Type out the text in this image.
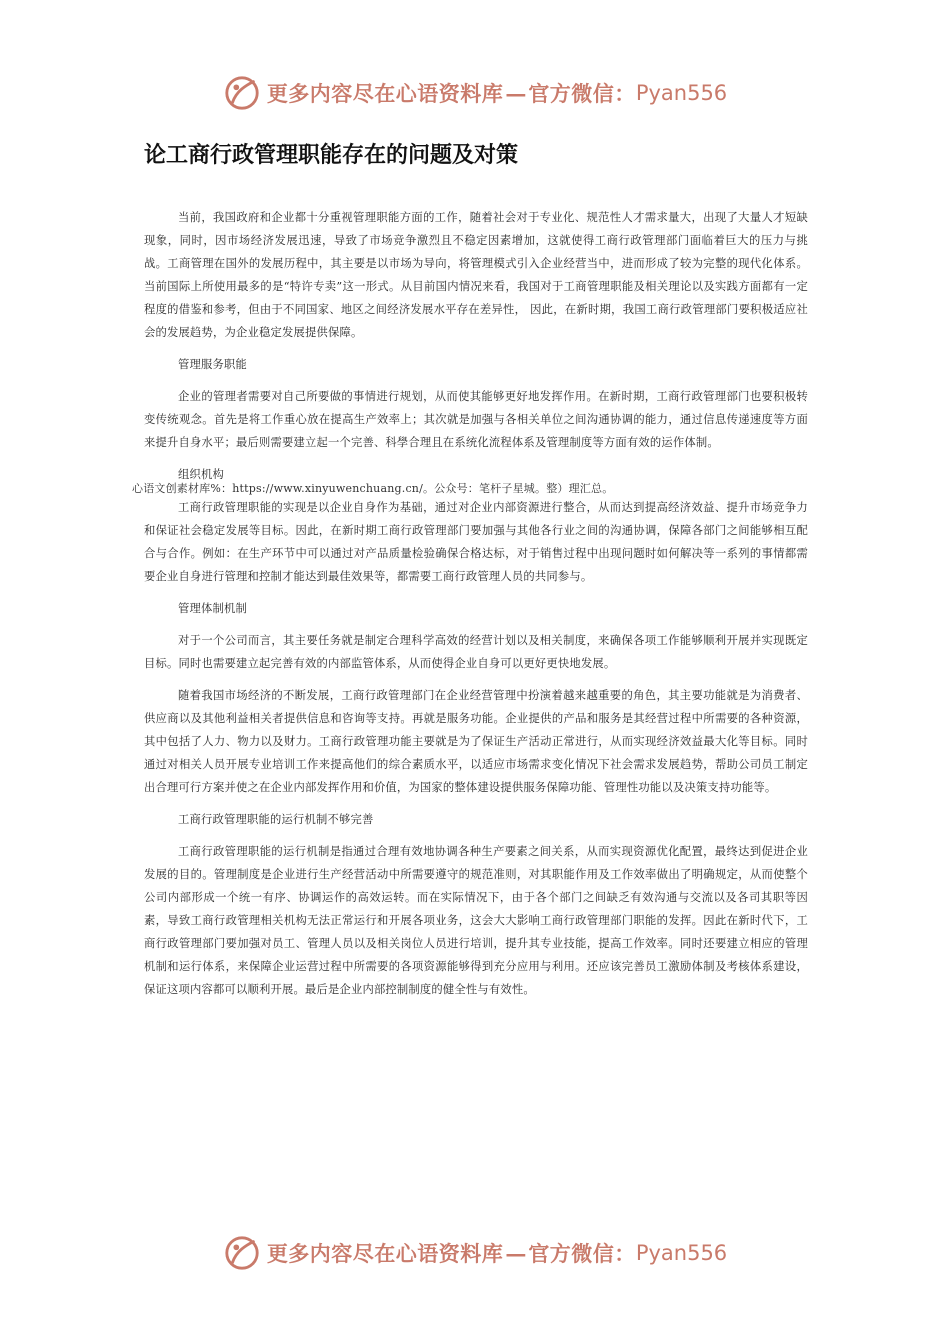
更多内容尽在心语资料库 — 官方微信： Pyan556
论工商行政管理职能存在的问题及对策

当前，我国政府和企业都十分重视管理职能方面的工作，随着社会对于专业化、规范性人才需求量大，出现了大量人才短缺现象，同时，因市场经济发展迅速，导致了市场竞争激烈且不稳定因素增加，这就使得工商行政管理部门面临着巨大的压力与挑战。工商管理在国外的发展历程中，其主要是以市场为导向，将管理模式引入企业经营当中，进而形成了较为完整的现代化体系。当前国际上所使用最多的是“特许专卖”这一形式。从目前国内情况来看，我国对于工商管理职能及相关理论以及实践方面都有一定程度的借鉴和参考，但由于不同国家、地区之间经济发展水平存在差异性， 因此，在新时期，我国工商行政管理部门要积极适应社会的发展趋势，为企业稳定发展提供保障。

管理服务职能

企业的管理者需要对自己所要做的事情进行规划，从而使其能够更好地发挥作用。在新时期，工商行政管理部门也要积极转变传统观念。首先是将工作重心放在提高生产效率上；其次就是加强与各相关单位之间沟通协调的能力，通过信息传递速度等方面来提升自身水平；最后则需要建立起一个完善、科學合理且在系统化流程体系及管理制度等方面有效的运作体制。

组织机构

心语文创素材库%：https://www.xinyuwenchuang.cn/。公众号：笔杆子星城。整）理汇总。

工商行政管理职能的实现是以企业自身作为基础，通过对企业内部资源进行整合，从而达到提高经济效益、提升市场竞争力和保证社会稳定发展等目标。因此，在新时期工商行政管理部门要加强与其他各行业之间的沟通协调，保障各部门之间能够相互配合与合作。例如：在生产环节中可以通过对产品质量检验确保合格达标，对于销售过程中出现问题时如何解决等一系列的事情都需要企业自身进行管理和控制才能达到最佳效果等，都需要工商行政管理人员的共同参与。

管理体制机制

对于一个公司而言，其主要任务就是制定合理科学高效的经营计划以及相关制度，来确保各项工作能够顺利开展并实现既定目标。同时也需要建立起完善有效的内部监管体系，从而使得企业自身可以更好更快地发展。

随着我国市场经济的不断发展，工商行政管理部门在企业经营管理中扮演着越来越重要的角色，其主要功能就是为消费者、供应商以及其他利益相关者提供信息和咨询等支持。再就是服务功能。企业提供的产品和服务是其经营过程中所需要的各种资源，其中包括了人力、物力以及财力。工商行政管理功能主要就是为了保证生产活动正常进行，从而实现经济效益最大化等目标。同时通过对相关人员开展专业培训工作来提高他们的综合素质水平，以适应市场需求变化情况下社会需求发展趋势，帮助公司员工制定出合理可行方案并使之在企业内部发挥作用和价值，为国家的整体建设提供服务保障功能、管理性功能以及决策支持功能等。

工商行政管理职能的运行机制不够完善

工商行政管理职能的运行机制是指通过合理有效地协调各种生产要素之间关系，从而实现资源优化配置，最终达到促进企业发展的目的。管理制度是企业进行生产经营活动中所需要遵守的规范准则，对其职能作用及工作效率做出了明确规定，从而使整个公司内部形成一个统一有序、协调运作的高效运转。而在实际情况下，由于各个部门之间缺乏有效沟通与交流以及各司其职等因素，导致工商行政管理相关机构无法正常运行和开展各项业务，这会大大影响工商行政管理部门职能的发挥。因此在新时代下，工商行政管理部门要加强对员工、管理人员以及相关岗位人员进行培训，提升其专业技能，提高工作效率。同时还要建立相应的管理机制和运行体系，来保障企业运营过程中所需要的各项资源能够得到充分应用与利用。还应该完善员工激励体制及考核体系建设，保证这项内容都可以顺利开展。最后是企业内部控制制度的健全性与有效性。

更多内容尽在心语资料库 — 官方微信： Pyan556
